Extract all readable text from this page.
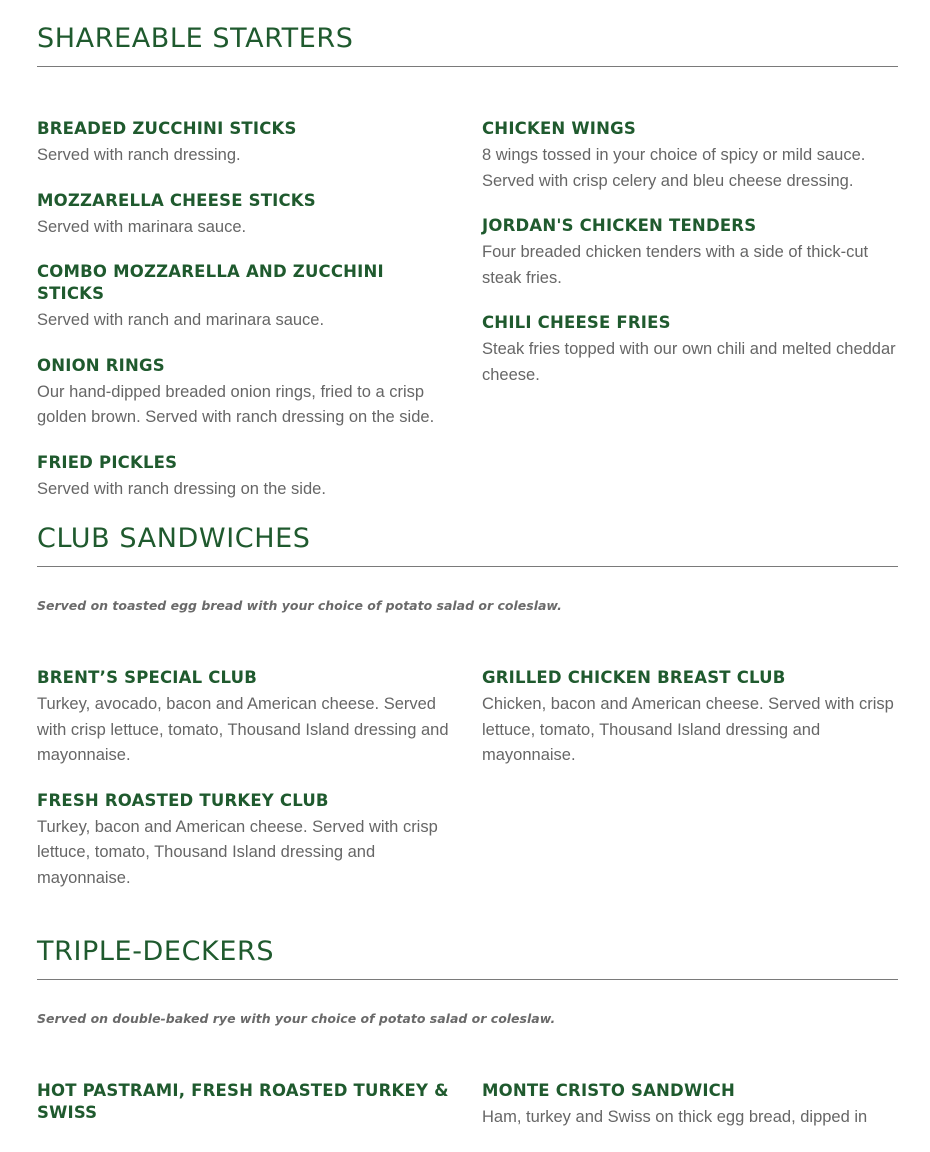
SHAREABLE STARTERS

BREADED ZUCCHINI STICKS

Served with ranch dressing.

MOZZARELLA CHEESE STICKS

Served with marinara sauce.

COMBO MOZZARELLA AND ZUCCHINI STICKS

Served with ranch and marinara sauce.

ONION RINGS

Our hand-dipped breaded onion rings, fried to a crisp golden brown. Served with ranch dressing on the side.

FRIED PICKLES

Served with ranch dressing on the side.

CHICKEN WINGS

8 wings tossed in your choice of spicy or mild sauce. Served with crisp celery and bleu cheese dressing.

JORDAN'S CHICKEN TENDERS

Four breaded chicken tenders with a side of thick-cut steak fries.

CHILI CHEESE FRIES

Steak fries topped with our own chili and melted cheddar cheese.

CLUB SANDWICHES

Served on toasted egg bread with your choice of potato salad or coleslaw.

BRENT’S SPECIAL CLUB

Turkey, avocado, bacon and American cheese. Served with crisp lettuce, tomato, Thousand Island dressing and mayonnaise.

FRESH ROASTED TURKEY CLUB

Turkey, bacon and American cheese. Served with crisp lettuce, tomato, Thousand Island dressing and mayonnaise.

GRILLED CHICKEN BREAST CLUB

Chicken, bacon and American cheese. Served with crisp lettuce, tomato, Thousand Island dressing and mayonnaise.

TRIPLE-DECKERS

Served on double-baked rye with your choice of potato salad or coleslaw.

HOT PASTRAMI, FRESH ROASTED TURKEY & SWISS

MONTE CRISTO SANDWICH

Ham, turkey and Swiss on thick egg bread, dipped in
